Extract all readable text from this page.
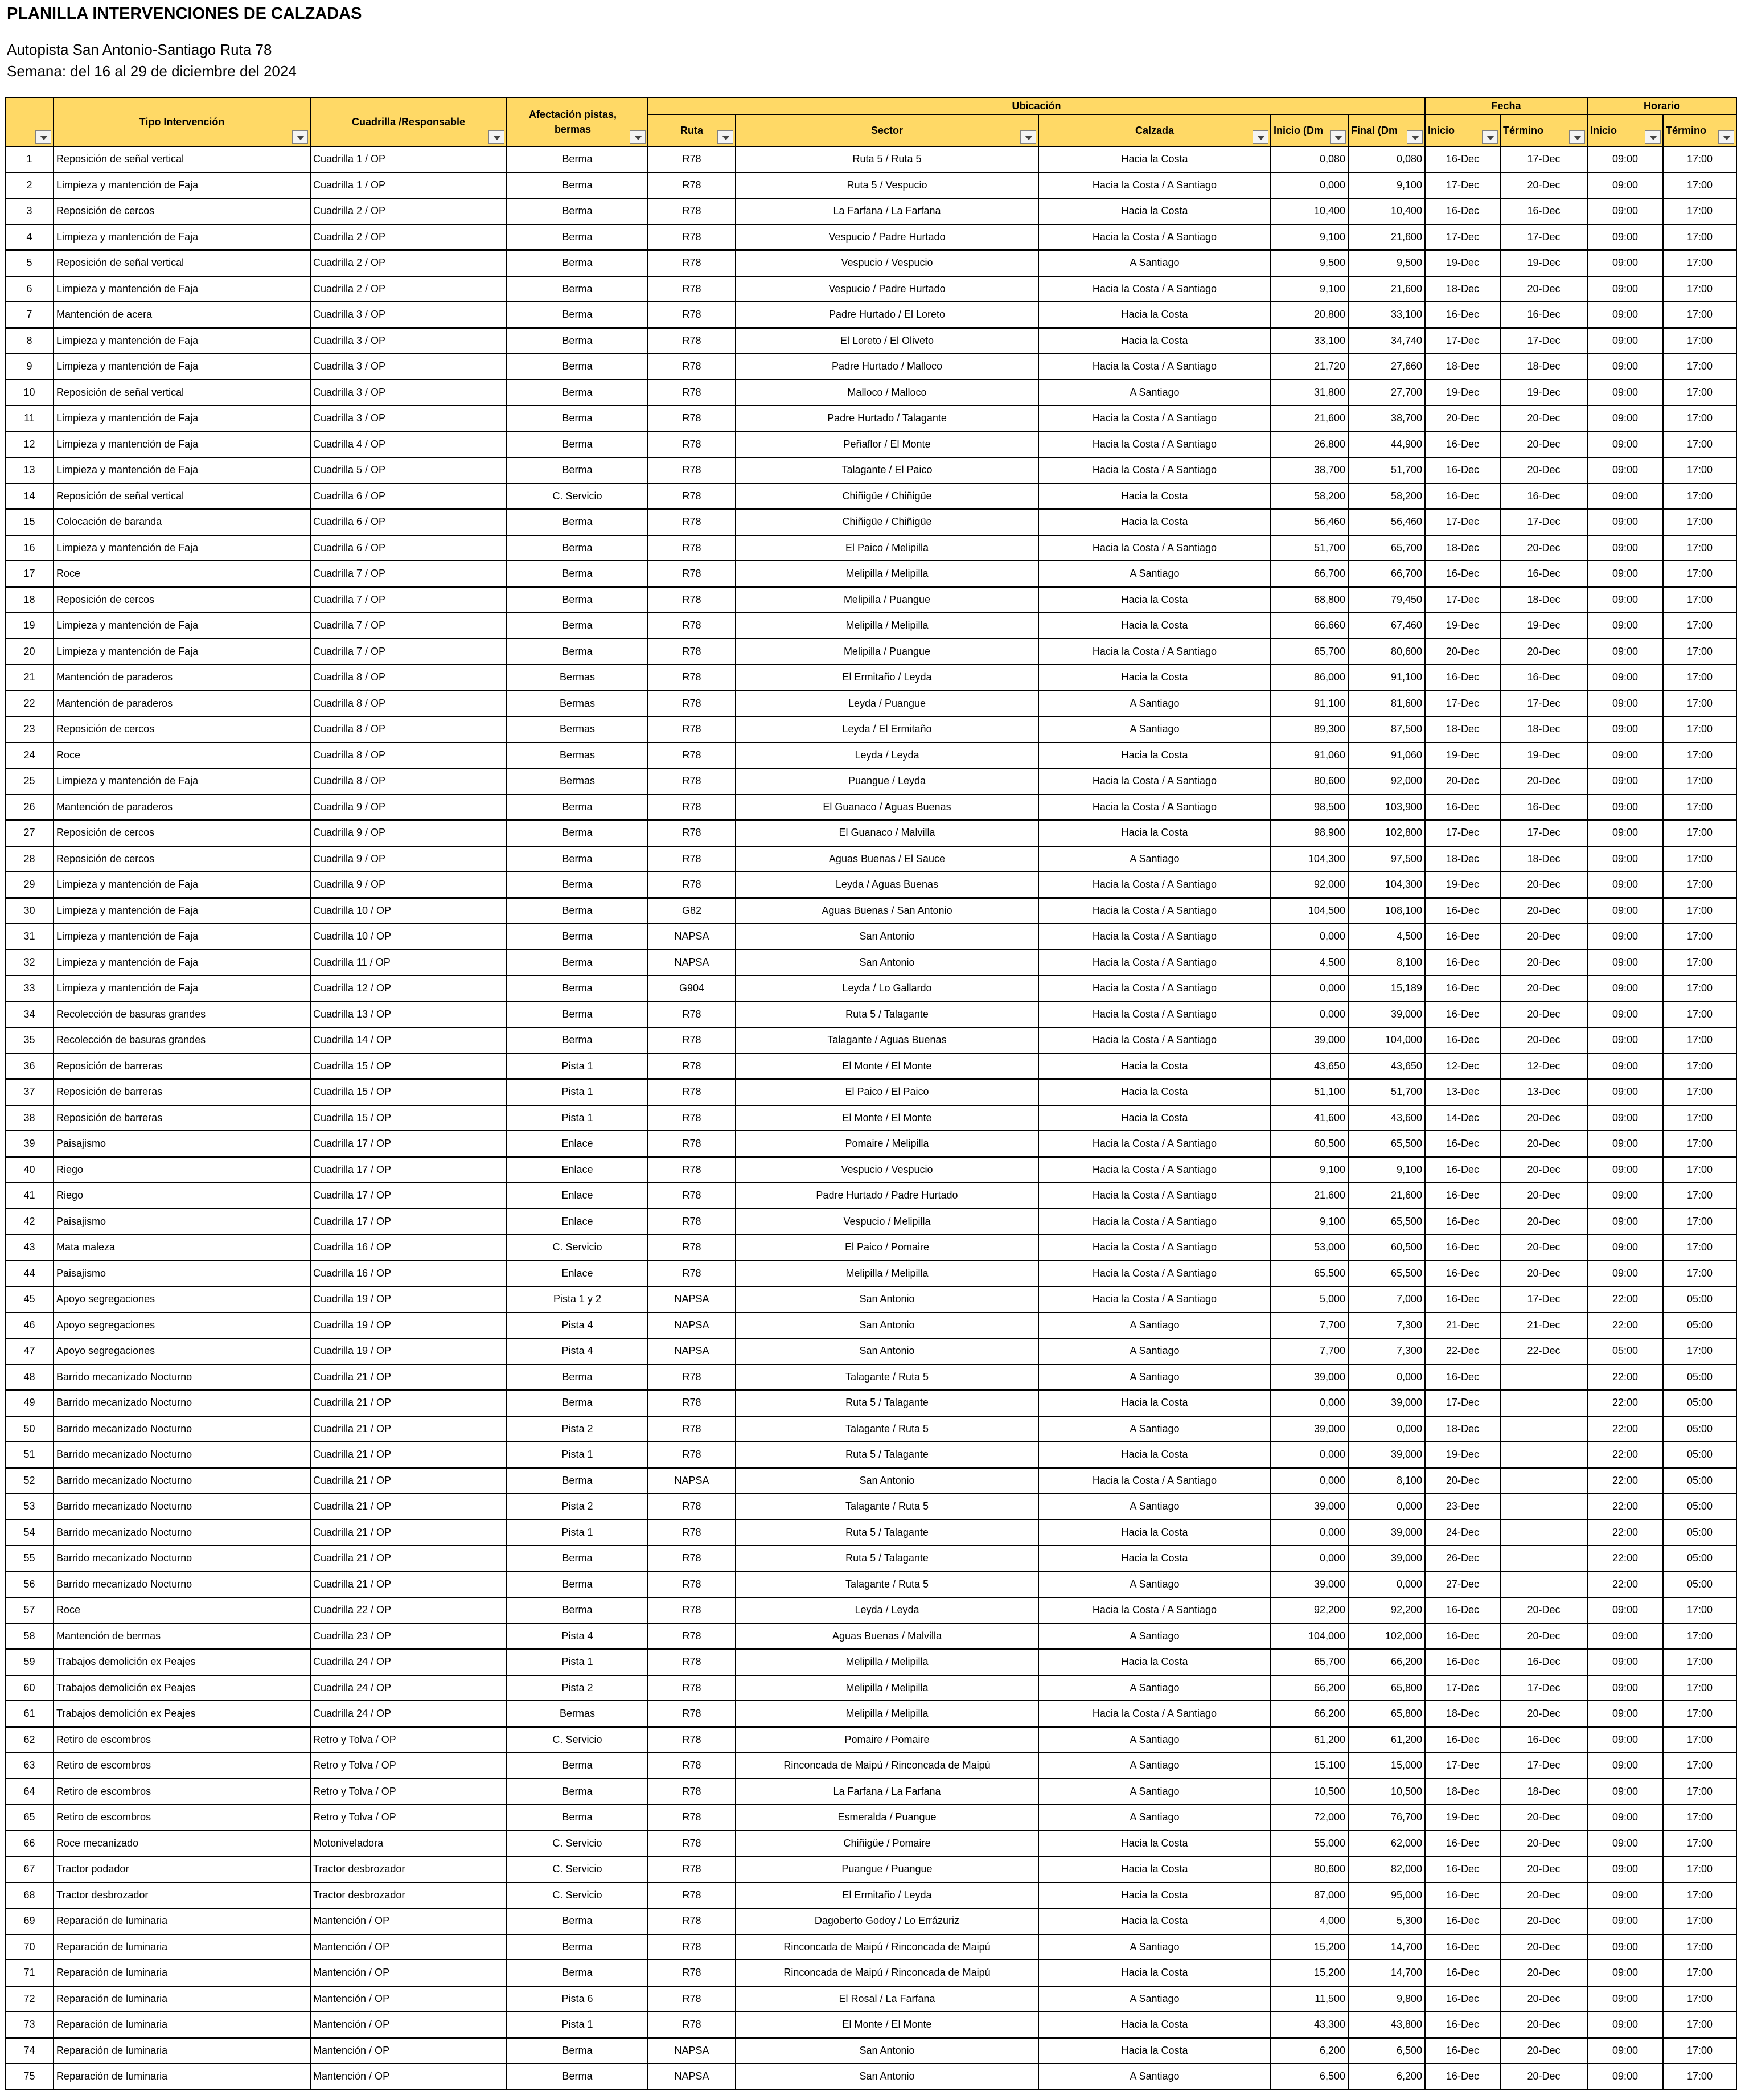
PLANILLA INTERVENCIONES DE CALZADAS
Autopista San Antonio-Santiago Ruta 78
Semana: del 16 al 29 de diciembre del 2024
	Tipo Intervención	Cuadrilla /Responsable	Afectación pistas, bermas	Ubicación					Fecha		Horario	
				Ruta	Sector	Calzada	Inicio (Dm	Final (Dm	Inicio	Término	Inicio	Término

1	Reposición de señal vertical	Cuadrilla 1 / OP	Berma	R78	Ruta 5 / Ruta 5	Hacia la Costa	0,080	0,080	16-Dec	17-Dec	09:00	17:00
2	Limpieza y mantención de Faja	Cuadrilla 1 / OP	Berma	R78	Ruta 5 / Vespucio	Hacia la Costa / A Santiago	0,000	9,100	17-Dec	20-Dec	09:00	17:00
3	Reposición de cercos	Cuadrilla 2 / OP	Berma	R78	La Farfana / La Farfana	Hacia la Costa	10,400	10,400	16-Dec	16-Dec	09:00	17:00
4	Limpieza y mantención de Faja	Cuadrilla 2 / OP	Berma	R78	Vespucio / Padre Hurtado	Hacia la Costa / A Santiago	9,100	21,600	17-Dec	17-Dec	09:00	17:00
5	Reposición de señal vertical	Cuadrilla 2 / OP	Berma	R78	Vespucio / Vespucio	A Santiago	9,500	9,500	19-Dec	19-Dec	09:00	17:00
6	Limpieza y mantención de Faja	Cuadrilla 2 / OP	Berma	R78	Vespucio / Padre Hurtado	Hacia la Costa / A Santiago	9,100	21,600	18-Dec	20-Dec	09:00	17:00
7	Mantención de acera	Cuadrilla 3 / OP	Berma	R78	Padre Hurtado / El Loreto	Hacia la Costa	20,800	33,100	16-Dec	16-Dec	09:00	17:00
8	Limpieza y mantención de Faja	Cuadrilla 3 / OP	Berma	R78	El Loreto / El Oliveto	Hacia la Costa	33,100	34,740	17-Dec	17-Dec	09:00	17:00
9	Limpieza y mantención de Faja	Cuadrilla 3 / OP	Berma	R78	Padre Hurtado / Malloco	Hacia la Costa / A Santiago	21,720	27,660	18-Dec	18-Dec	09:00	17:00
10	Reposición de señal vertical	Cuadrilla 3 / OP	Berma	R78	Malloco / Malloco	A Santiago	31,800	27,700	19-Dec	19-Dec	09:00	17:00
11	Limpieza y mantención de Faja	Cuadrilla 3 / OP	Berma	R78	Padre Hurtado / Talagante	Hacia la Costa / A Santiago	21,600	38,700	20-Dec	20-Dec	09:00	17:00
12	Limpieza y mantención de Faja	Cuadrilla 4 / OP	Berma	R78	Peñaflor / El Monte	Hacia la Costa / A Santiago	26,800	44,900	16-Dec	20-Dec	09:00	17:00
13	Limpieza y mantención de Faja	Cuadrilla 5 / OP	Berma	R78	Talagante / El Paico	Hacia la Costa / A Santiago	38,700	51,700	16-Dec	20-Dec	09:00	17:00
14	Reposición de señal vertical	Cuadrilla 6 / OP	C. Servicio	R78	Chiñigüe / Chiñigüe	Hacia la Costa	58,200	58,200	16-Dec	16-Dec	09:00	17:00
15	Colocación de baranda	Cuadrilla 6 / OP	Berma	R78	Chiñigüe / Chiñigüe	Hacia la Costa	56,460	56,460	17-Dec	17-Dec	09:00	17:00
16	Limpieza y mantención de Faja	Cuadrilla 6 / OP	Berma	R78	El Paico / Melipilla	Hacia la Costa / A Santiago	51,700	65,700	18-Dec	20-Dec	09:00	17:00
17	Roce	Cuadrilla 7 / OP	Berma	R78	Melipilla / Melipilla	A Santiago	66,700	66,700	16-Dec	16-Dec	09:00	17:00
18	Reposición de cercos	Cuadrilla 7 / OP	Berma	R78	Melipilla / Puangue	Hacia la Costa	68,800	79,450	17-Dec	18-Dec	09:00	17:00
19	Limpieza y mantención de Faja	Cuadrilla 7 / OP	Berma	R78	Melipilla / Melipilla	Hacia la Costa	66,660	67,460	19-Dec	19-Dec	09:00	17:00
20	Limpieza y mantención de Faja	Cuadrilla 7 / OP	Berma	R78	Melipilla / Puangue	Hacia la Costa / A Santiago	65,700	80,600	20-Dec	20-Dec	09:00	17:00
21	Mantención de paraderos	Cuadrilla 8 / OP	Bermas	R78	El Ermitaño / Leyda	Hacia la Costa	86,000	91,100	16-Dec	16-Dec	09:00	17:00
22	Mantención de paraderos	Cuadrilla 8 / OP	Bermas	R78	Leyda / Puangue	A Santiago	91,100	81,600	17-Dec	17-Dec	09:00	17:00
23	Reposición de cercos	Cuadrilla 8 / OP	Bermas	R78	Leyda / El Ermitaño	A Santiago	89,300	87,500	18-Dec	18-Dec	09:00	17:00
24	Roce	Cuadrilla 8 / OP	Bermas	R78	Leyda / Leyda	Hacia la Costa	91,060	91,060	19-Dec	19-Dec	09:00	17:00
25	Limpieza y mantención de Faja	Cuadrilla 8 / OP	Bermas	R78	Puangue / Leyda	Hacia la Costa / A Santiago	80,600	92,000	20-Dec	20-Dec	09:00	17:00
26	Mantención de paraderos	Cuadrilla 9 / OP	Berma	R78	El Guanaco / Aguas Buenas	Hacia la Costa / A Santiago	98,500	103,900	16-Dec	16-Dec	09:00	17:00
27	Reposición de cercos	Cuadrilla 9 / OP	Berma	R78	El Guanaco / Malvilla	Hacia la Costa	98,900	102,800	17-Dec	17-Dec	09:00	17:00
28	Reposición de cercos	Cuadrilla 9 / OP	Berma	R78	Aguas Buenas / El Sauce	A Santiago	104,300	97,500	18-Dec	18-Dec	09:00	17:00
29	Limpieza y mantención de Faja	Cuadrilla 9 / OP	Berma	R78	Leyda / Aguas Buenas	Hacia la Costa / A Santiago	92,000	104,300	19-Dec	20-Dec	09:00	17:00
30	Limpieza y mantención de Faja	Cuadrilla 10 / OP	Berma	G82	Aguas Buenas / San Antonio	Hacia la Costa / A Santiago	104,500	108,100	16-Dec	20-Dec	09:00	17:00
31	Limpieza y mantención de Faja	Cuadrilla 10 / OP	Berma	NAPSA	San Antonio	Hacia la Costa / A Santiago	0,000	4,500	16-Dec	20-Dec	09:00	17:00
32	Limpieza y mantención de Faja	Cuadrilla 11 / OP	Berma	NAPSA	San Antonio	Hacia la Costa / A Santiago	4,500	8,100	16-Dec	20-Dec	09:00	17:00
33	Limpieza y mantención de Faja	Cuadrilla 12 / OP	Berma	G904	Leyda / Lo Gallardo	Hacia la Costa / A Santiago	0,000	15,189	16-Dec	20-Dec	09:00	17:00
34	Recolección de basuras grandes	Cuadrilla 13 / OP	Berma	R78	Ruta 5 / Talagante	Hacia la Costa / A Santiago	0,000	39,000	16-Dec	20-Dec	09:00	17:00
35	Recolección de basuras grandes	Cuadrilla 14 / OP	Berma	R78	Talagante / Aguas Buenas	Hacia la Costa / A Santiago	39,000	104,000	16-Dec	20-Dec	09:00	17:00
36	Reposición de barreras	Cuadrilla 15 / OP	Pista 1	R78	El Monte / El Monte	Hacia la Costa	43,650	43,650	12-Dec	12-Dec	09:00	17:00
37	Reposición de barreras	Cuadrilla 15 / OP	Pista 1	R78	El Paico / El Paico	Hacia la Costa	51,100	51,700	13-Dec	13-Dec	09:00	17:00
38	Reposición de barreras	Cuadrilla 15 / OP	Pista 1	R78	El Monte / El Monte	Hacia la Costa	41,600	43,600	14-Dec	20-Dec	09:00	17:00
39	Paisajismo	Cuadrilla 17 / OP	Enlace	R78	Pomaire / Melipilla	Hacia la Costa / A Santiago	60,500	65,500	16-Dec	20-Dec	09:00	17:00
40	Riego	Cuadrilla 17 / OP	Enlace	R78	Vespucio / Vespucio	Hacia la Costa / A Santiago	9,100	9,100	16-Dec	20-Dec	09:00	17:00
41	Riego	Cuadrilla 17 / OP	Enlace	R78	Padre Hurtado / Padre Hurtado	Hacia la Costa / A Santiago	21,600	21,600	16-Dec	20-Dec	09:00	17:00
42	Paisajismo	Cuadrilla 17 / OP	Enlace	R78	Vespucio / Melipilla	Hacia la Costa / A Santiago	9,100	65,500	16-Dec	20-Dec	09:00	17:00
43	Mata maleza	Cuadrilla 16 / OP	C. Servicio	R78	El Paico / Pomaire	Hacia la Costa / A Santiago	53,000	60,500	16-Dec	20-Dec	09:00	17:00
44	Paisajismo	Cuadrilla 16 / OP	Enlace	R78	Melipilla / Melipilla	Hacia la Costa / A Santiago	65,500	65,500	16-Dec	20-Dec	09:00	17:00
45	Apoyo segregaciones	Cuadrilla 19 / OP	Pista 1 y 2	NAPSA	San Antonio	Hacia la Costa / A Santiago	5,000	7,000	16-Dec	17-Dec	22:00	05:00
46	Apoyo segregaciones	Cuadrilla 19 / OP	Pista 4	NAPSA	San Antonio	A Santiago	7,700	7,300	21-Dec	21-Dec	22:00	05:00
47	Apoyo segregaciones	Cuadrilla 19 / OP	Pista 4	NAPSA	San Antonio	A Santiago	7,700	7,300	22-Dec	22-Dec	05:00	17:00
48	Barrido mecanizado Nocturno	Cuadrilla 21 / OP	Berma	R78	Talagante / Ruta 5	A Santiago	39,000	0,000	16-Dec		22:00	05:00
49	Barrido mecanizado Nocturno	Cuadrilla 21 / OP	Berma	R78	Ruta 5 / Talagante	Hacia la Costa	0,000	39,000	17-Dec		22:00	05:00
50	Barrido mecanizado Nocturno	Cuadrilla 21 / OP	Pista 2	R78	Talagante / Ruta 5	A Santiago	39,000	0,000	18-Dec		22:00	05:00
51	Barrido mecanizado Nocturno	Cuadrilla 21 / OP	Pista 1	R78	Ruta 5 / Talagante	Hacia la Costa	0,000	39,000	19-Dec		22:00	05:00
52	Barrido mecanizado Nocturno	Cuadrilla 21 / OP	Berma	NAPSA	San Antonio	Hacia la Costa / A Santiago	0,000	8,100	20-Dec		22:00	05:00
53	Barrido mecanizado Nocturno	Cuadrilla 21 / OP	Pista 2	R78	Talagante / Ruta 5	A Santiago	39,000	0,000	23-Dec		22:00	05:00
54	Barrido mecanizado Nocturno	Cuadrilla 21 / OP	Pista 1	R78	Ruta 5 / Talagante	Hacia la Costa	0,000	39,000	24-Dec		22:00	05:00
55	Barrido mecanizado Nocturno	Cuadrilla 21 / OP	Berma	R78	Ruta 5 / Talagante	Hacia la Costa	0,000	39,000	26-Dec		22:00	05:00
56	Barrido mecanizado Nocturno	Cuadrilla 21 / OP	Berma	R78	Talagante / Ruta 5	A Santiago	39,000	0,000	27-Dec		22:00	05:00
57	Roce	Cuadrilla 22 / OP	Berma	R78	Leyda / Leyda	Hacia la Costa / A Santiago	92,200	92,200	16-Dec	20-Dec	09:00	17:00
58	Mantención de bermas	Cuadrilla 23 / OP	Pista 4	R78	Aguas Buenas / Malvilla	A Santiago	104,000	102,000	16-Dec	20-Dec	09:00	17:00
59	Trabajos demolición ex Peajes	Cuadrilla 24 / OP	Pista 1	R78	Melipilla / Melipilla	Hacia la Costa	65,700	66,200	16-Dec	16-Dec	09:00	17:00
60	Trabajos demolición ex Peajes	Cuadrilla 24 / OP	Pista 2	R78	Melipilla / Melipilla	A Santiago	66,200	65,800	17-Dec	17-Dec	09:00	17:00
61	Trabajos demolición ex Peajes	Cuadrilla 24 / OP	Bermas	R78	Melipilla / Melipilla	Hacia la Costa / A Santiago	66,200	65,800	18-Dec	20-Dec	09:00	17:00
62	Retiro de escombros	Retro y Tolva / OP	C. Servicio	R78	Pomaire / Pomaire	A Santiago	61,200	61,200	16-Dec	16-Dec	09:00	17:00
63	Retiro de escombros	Retro y Tolva / OP	Berma	R78	Rinconcada de Maipú / Rinconcada de Maipú	A Santiago	15,100	15,000	17-Dec	17-Dec	09:00	17:00
64	Retiro de escombros	Retro y Tolva / OP	Berma	R78	La Farfana / La Farfana	A Santiago	10,500	10,500	18-Dec	18-Dec	09:00	17:00
65	Retiro de escombros	Retro y Tolva / OP	Berma	R78	Esmeralda / Puangue	A Santiago	72,000	76,700	19-Dec	20-Dec	09:00	17:00
66	Roce mecanizado	Motoniveladora	C. Servicio	R78	Chiñigüe / Pomaire	Hacia la Costa	55,000	62,000	16-Dec	20-Dec	09:00	17:00
67	Tractor podador	Tractor desbrozador	C. Servicio	R78	Puangue / Puangue	Hacia la Costa	80,600	82,000	16-Dec	20-Dec	09:00	17:00
68	Tractor desbrozador	Tractor desbrozador	C. Servicio	R78	El Ermitaño / Leyda	Hacia la Costa	87,000	95,000	16-Dec	20-Dec	09:00	17:00
69	Reparación de luminaria	Mantención / OP	Berma	R78	Dagoberto Godoy / Lo Errázuriz	Hacia la Costa	4,000	5,300	16-Dec	20-Dec	09:00	17:00
70	Reparación de luminaria	Mantención / OP	Berma	R78	Rinconcada de Maipú / Rinconcada de Maipú	A Santiago	15,200	14,700	16-Dec	20-Dec	09:00	17:00
71	Reparación de luminaria	Mantención / OP	Berma	R78	Rinconcada de Maipú / Rinconcada de Maipú	Hacia la Costa	15,200	14,700	16-Dec	20-Dec	09:00	17:00
72	Reparación de luminaria	Mantención / OP	Pista 6	R78	El Rosal / La Farfana	A Santiago	11,500	9,800	16-Dec	20-Dec	09:00	17:00
73	Reparación de luminaria	Mantención / OP	Pista 1	R78	El Monte / El Monte	Hacia la Costa	43,300	43,800	16-Dec	20-Dec	09:00	17:00
74	Reparación de luminaria	Mantención / OP	Berma	NAPSA	San Antonio	Hacia la Costa	6,200	6,500	16-Dec	20-Dec	09:00	17:00
75	Reparación de luminaria	Mantención / OP	Berma	NAPSA	San Antonio	A Santiago	6,500	6,200	16-Dec	20-Dec	09:00	17:00
